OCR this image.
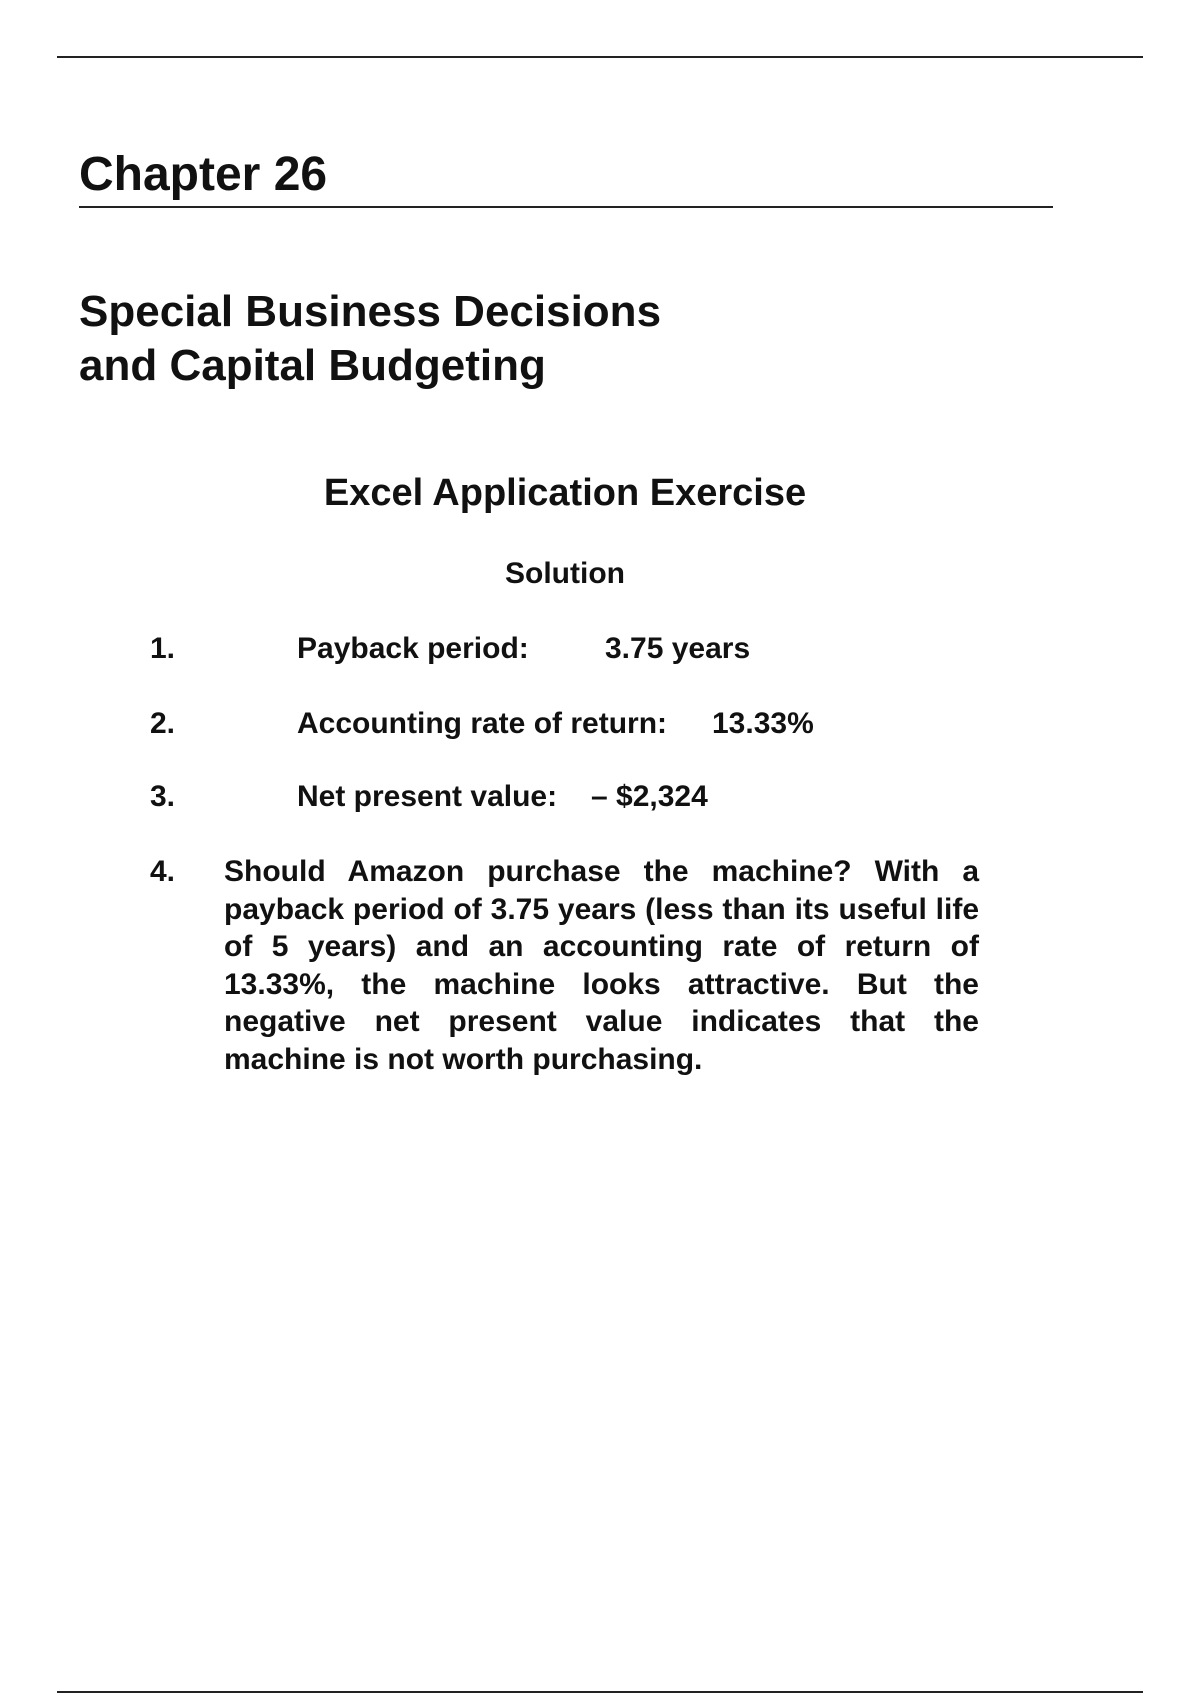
Chapter 26
Special Business Decisions
and Capital Budgeting
Excel Application Exercise
Solution
1.	Payback period:	3.75 years
2.	Accounting rate of return: 13.33%
3.	Net present value: – $2,324
4. Should Amazon purchase the machine? With a payback period of 3.75 years (less than its useful life of 5 years) and an accounting rate of return of 13.33%, the machine looks attractive. But the negative net present value indicates that the machine is not worth purchasing.
